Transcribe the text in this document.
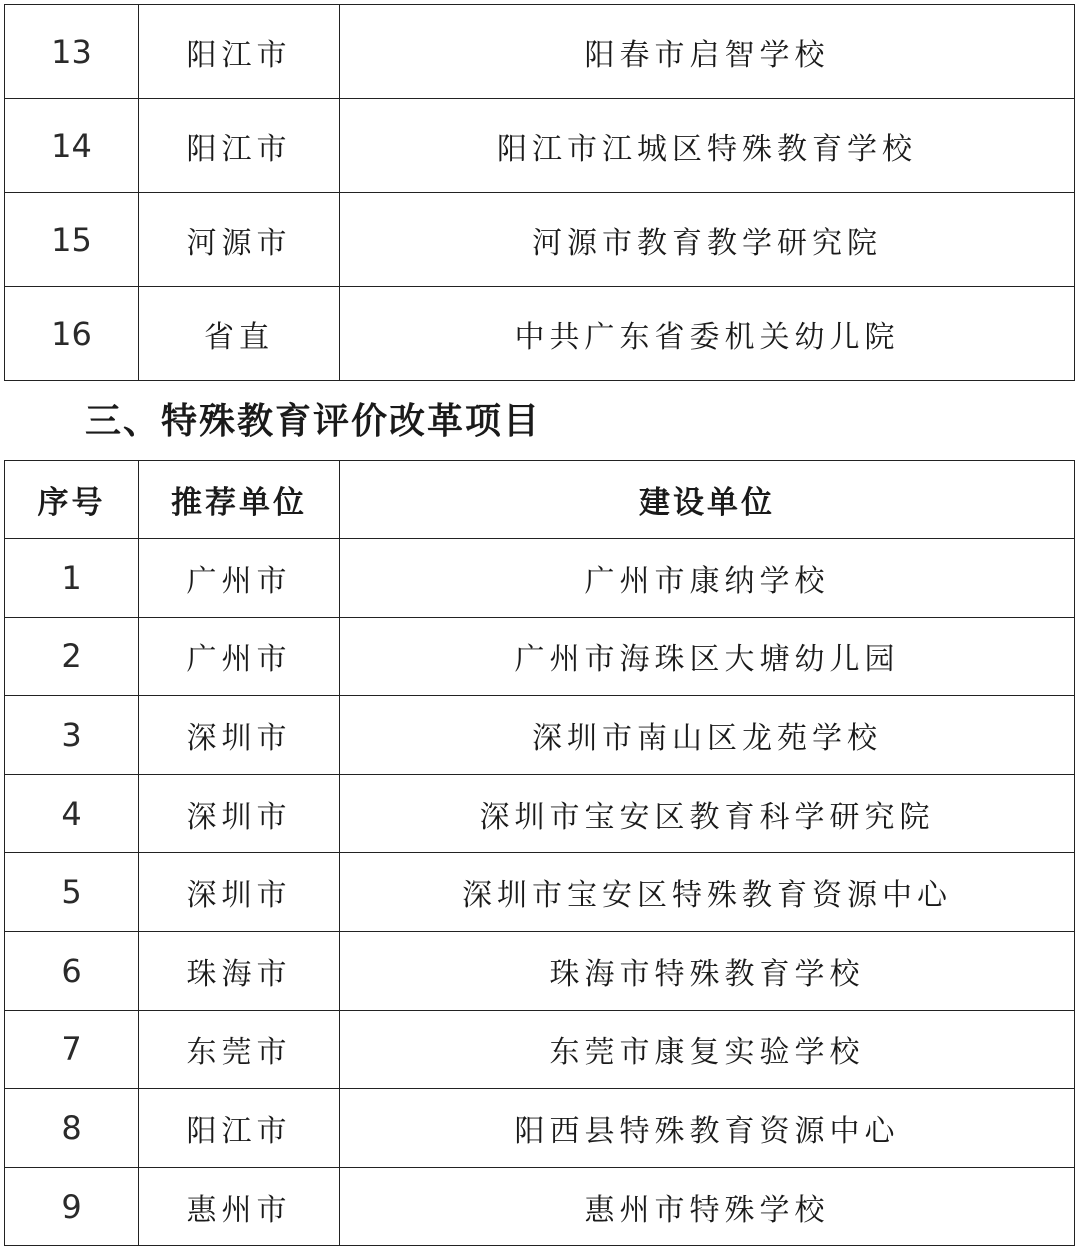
13	阳江市	阳春市启智学校
14	阳江市	阳江市江城区特殊教育学校
15	河源市	河源市教育教学研究院
16	省直	中共广东省委机关幼儿院
三、特殊教育评价改革项目
序号	推荐单位	建设单位
1	广州市	广州市康纳学校
2	广州市	广州市海珠区大塘幼儿园
3	深圳市	深圳市南山区龙苑学校
4	深圳市	深圳市宝安区教育科学研究院
5	深圳市	深圳市宝安区特殊教育资源中心
6	珠海市	珠海市特殊教育学校
7	东莞市	东莞市康复实验学校
8	阳江市	阳西县特殊教育资源中心
9	惠州市	惠州市特殊学校
